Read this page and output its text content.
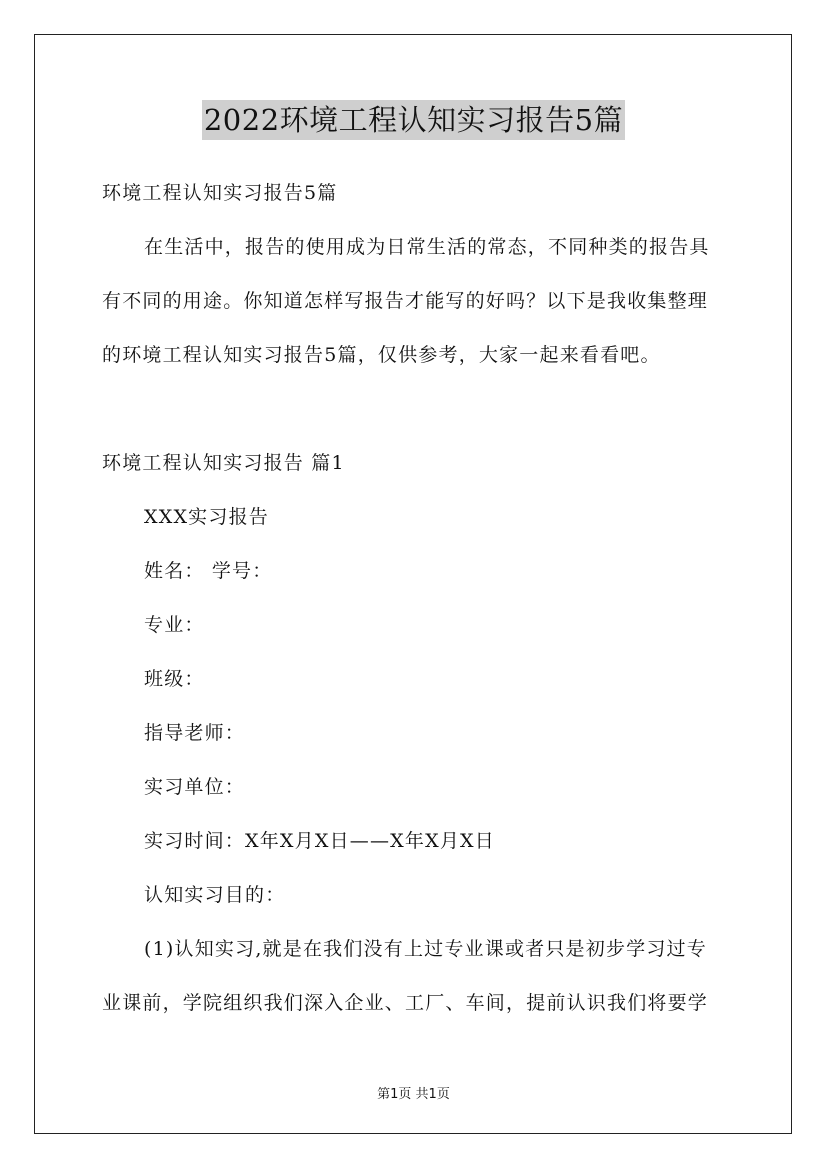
2022环境工程认知实习报告5篇
环境工程认知实习报告5篇
在生活中，报告的使用成为日常生活的常态，不同种类的报告具
有不同的用途。你知道怎样写报告才能写的好吗？以下是我收集整理
的环境工程认知实习报告5篇，仅供参考，大家一起来看看吧。
环境工程认知实习报告 篇1
XXX实习报告
姓名： 学号：
专业：
班级：
指导老师：
实习单位：
实习时间：X年X月X日——X年X月X日
认知实习目的：
(1)认知实习,就是在我们没有上过专业课或者只是初步学习过专
业课前，学院组织我们深入企业、工厂、车间，提前认识我们将要学
第1页 共1页
